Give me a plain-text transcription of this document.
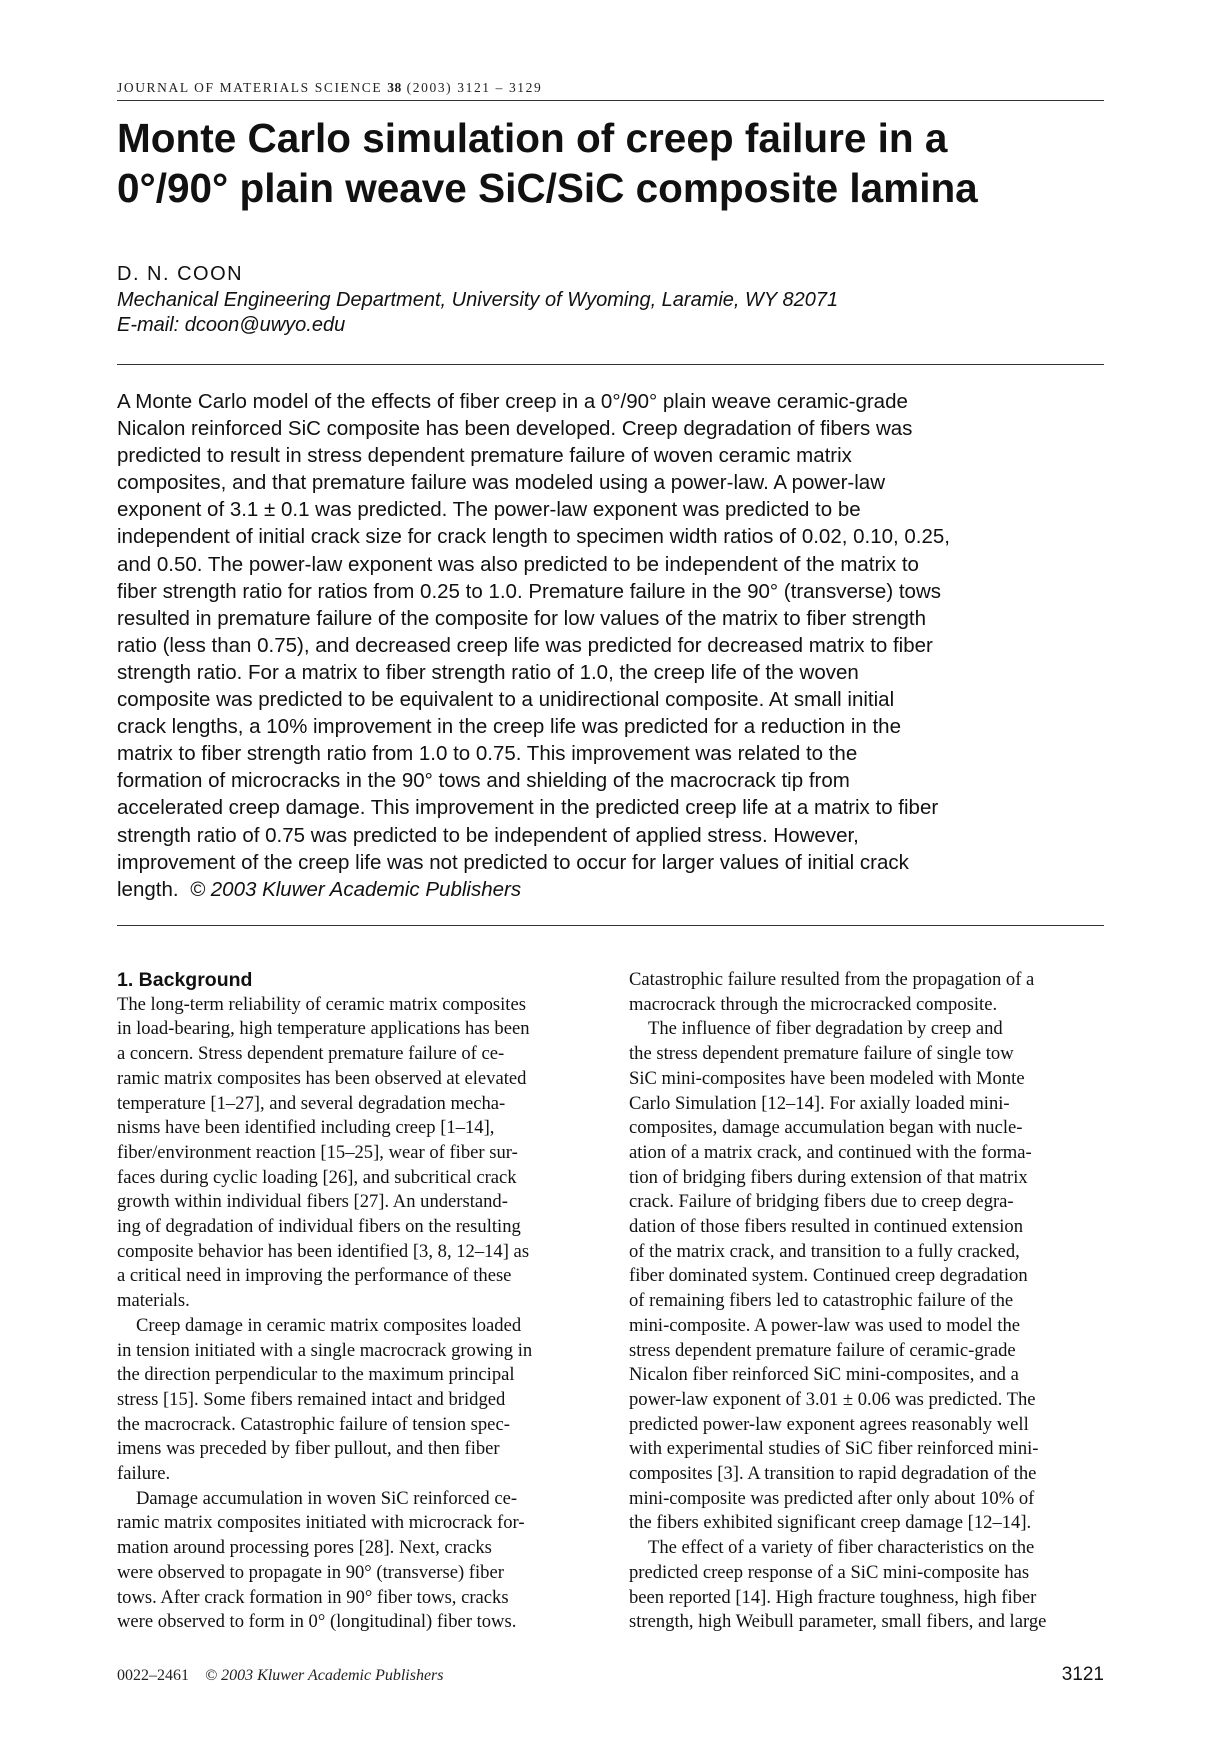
JOURNAL OF MATERIALS SCIENCE 38 (2003) 3121 – 3129
Monte Carlo simulation of creep failure in a
0°/90° plain weave SiC/SiC composite lamina
D. N. COON
Mechanical Engineering Department, University of Wyoming, Laramie, WY 82071
E-mail: dcoon@uwyo.edu
A Monte Carlo model of the effects of fiber creep in a 0°/90° plain weave ceramic-grade
Nicalon reinforced SiC composite has been developed. Creep degradation of fibers was
predicted to result in stress dependent premature failure of woven ceramic matrix
composites, and that premature failure was modeled using a power-law. A power-law
exponent of 3.1 ± 0.1 was predicted. The power-law exponent was predicted to be
independent of initial crack size for crack length to specimen width ratios of 0.02, 0.10, 0.25,
and 0.50. The power-law exponent was also predicted to be independent of the matrix to
fiber strength ratio for ratios from 0.25 to 1.0. Premature failure in the 90° (transverse) tows
resulted in premature failure of the composite for low values of the matrix to fiber strength
ratio (less than 0.75), and decreased creep life was predicted for decreased matrix to fiber
strength ratio. For a matrix to fiber strength ratio of 1.0, the creep life of the woven
composite was predicted to be equivalent to a unidirectional composite. At small initial
crack lengths, a 10% improvement in the creep life was predicted for a reduction in the
matrix to fiber strength ratio from 1.0 to 0.75. This improvement was related to the
formation of microcracks in the 90° tows and shielding of the macrocrack tip from
accelerated creep damage. This improvement in the predicted creep life at a matrix to fiber
strength ratio of 0.75 was predicted to be independent of applied stress. However,
improvement of the creep life was not predicted to occur for larger values of initial crack
length. © 2003 Kluwer Academic Publishers
1. Background
The long-term reliability of ceramic matrix composites
in load-bearing, high temperature applications has been
a concern. Stress dependent premature failure of ce-
ramic matrix composites has been observed at elevated
temperature [1–27], and several degradation mecha-
nisms have been identified including creep [1–14],
fiber/environment reaction [15–25], wear of fiber sur-
faces during cyclic loading [26], and subcritical crack
growth within individual fibers [27]. An understand-
ing of degradation of individual fibers on the resulting
composite behavior has been identified [3, 8, 12–14] as
a critical need in improving the performance of these
materials.
Creep damage in ceramic matrix composites loaded
in tension initiated with a single macrocrack growing in
the direction perpendicular to the maximum principal
stress [15]. Some fibers remained intact and bridged
the macrocrack. Catastrophic failure of tension spec-
imens was preceded by fiber pullout, and then fiber
failure.
Damage accumulation in woven SiC reinforced ce-
ramic matrix composites initiated with microcrack for-
mation around processing pores [28]. Next, cracks
were observed to propagate in 90° (transverse) fiber
tows. After crack formation in 90° fiber tows, cracks
were observed to form in 0° (longitudinal) fiber tows.
Catastrophic failure resulted from the propagation of a
macrocrack through the microcracked composite.
The influence of fiber degradation by creep and
the stress dependent premature failure of single tow
SiC mini-composites have been modeled with Monte
Carlo Simulation [12–14]. For axially loaded mini-
composites, damage accumulation began with nucle-
ation of a matrix crack, and continued with the forma-
tion of bridging fibers during extension of that matrix
crack. Failure of bridging fibers due to creep degra-
dation of those fibers resulted in continued extension
of the matrix crack, and transition to a fully cracked,
fiber dominated system. Continued creep degradation
of remaining fibers led to catastrophic failure of the
mini-composite. A power-law was used to model the
stress dependent premature failure of ceramic-grade
Nicalon fiber reinforced SiC mini-composites, and a
power-law exponent of 3.01 ± 0.06 was predicted. The
predicted power-law exponent agrees reasonably well
with experimental studies of SiC fiber reinforced mini-
composites [3]. A transition to rapid degradation of the
mini-composite was predicted after only about 10% of
the fibers exhibited significant creep damage [12–14].
The effect of a variety of fiber characteristics on the
predicted creep response of a SiC mini-composite has
been reported [14]. High fracture toughness, high fiber
strength, high Weibull parameter, small fibers, and large
0022–2461 © 2003 Kluwer Academic Publishers	3121
